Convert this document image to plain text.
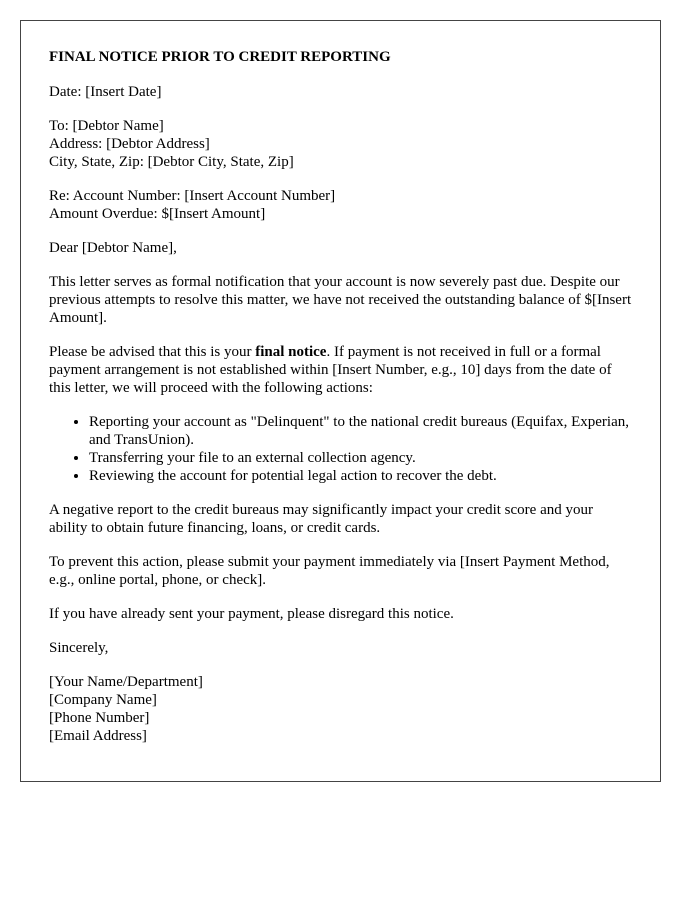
FINAL NOTICE PRIOR TO CREDIT REPORTING

Date: [Insert Date]

To: [Debtor Name]
Address: [Debtor Address]
City, State, Zip: [Debtor City, State, Zip]

Re: Account Number: [Insert Account Number]
Amount Overdue: $[Insert Amount]

Dear [Debtor Name],

This letter serves as formal notification that your account is now severely past due. Despite our previous attempts to resolve this matter, we have not received the outstanding balance of $[Insert Amount].

Please be advised that this is your final notice. If payment is not received in full or a formal payment arrangement is not established within [Insert Number, e.g., 10] days from the date of this letter, we will proceed with the following actions:

• Reporting your account as "Delinquent" to the national credit bureaus (Equifax, Experian, and TransUnion).
• Transferring your file to an external collection agency.
• Reviewing the account for potential legal action to recover the debt.

A negative report to the credit bureaus may significantly impact your credit score and your ability to obtain future financing, loans, or credit cards.

To prevent this action, please submit your payment immediately via [Insert Payment Method, e.g., online portal, phone, or check].

If you have already sent your payment, please disregard this notice.

Sincerely,

[Your Name/Department]
[Company Name]
[Phone Number]
[Email Address]
